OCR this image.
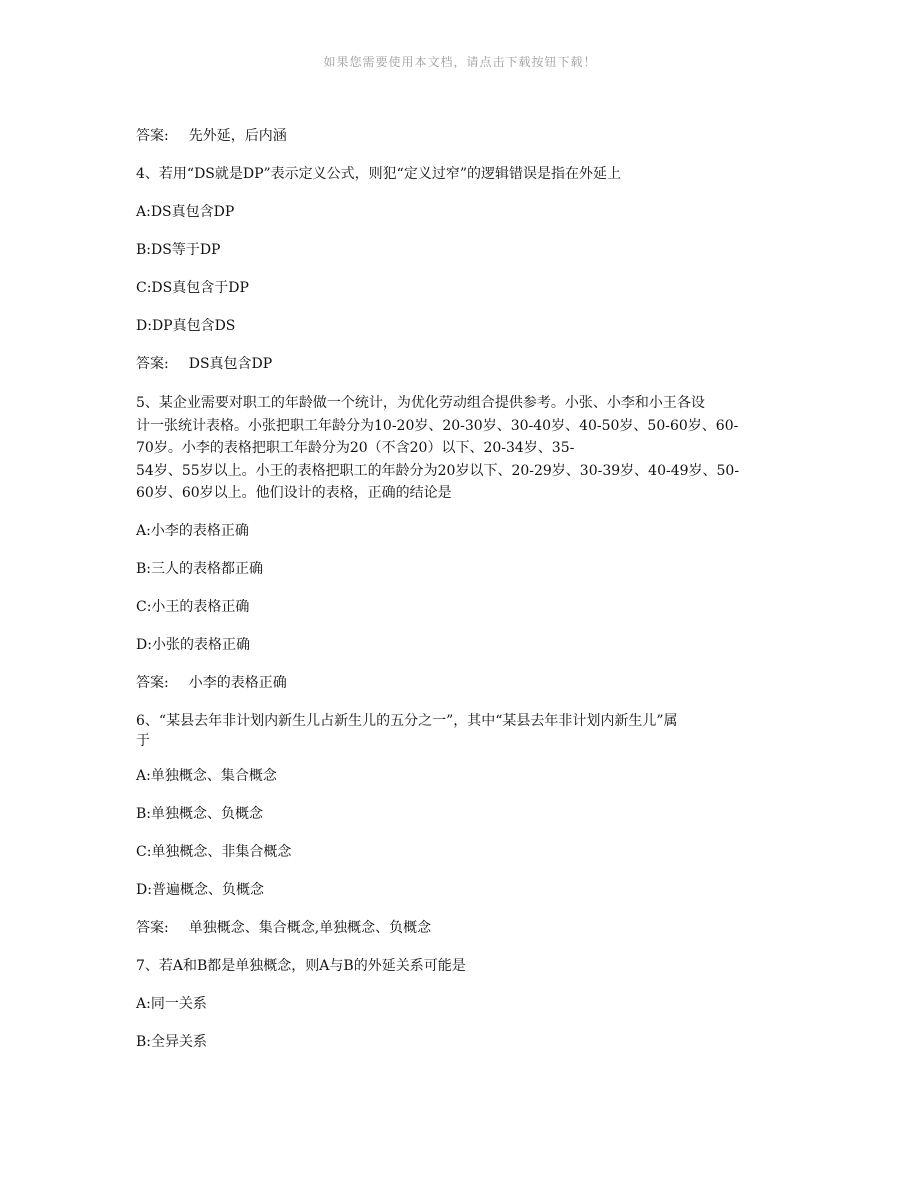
如果您需要使用本文档，请点击下载按钮下载！
答案: 先外延，后内涵
4、若用“DS就是DP”表示定义公式，则犯“定义过窄”的逻辑错误是指在外延上
A:DS真包含DP
B:DS等于DP
C:DS真包含于DP
D:DP真包含DS
答案: DS真包含DP
5、某企业需要对职工的年龄做一个统计，为优化劳动组合提供参考。小张、小李和小王各设
计一张统计表格。小张把职工年龄分为10-20岁、20-30岁、30-40岁、40-50岁、50-60岁、60-
70岁。小李的表格把职工年龄分为20（不含20）以下、20-34岁、35-
54岁、55岁以上。小王的表格把职工的年龄分为20岁以下、20-29岁、30-39岁、40-49岁、50-
60岁、60岁以上。他们设计的表格，正确的结论是
A:小李的表格正确
B:三人的表格都正确
C:小王的表格正确
D:小张的表格正确
答案: 小李的表格正确
6、“某县去年非计划内新生儿占新生儿的五分之一”，其中“某县去年非计划内新生儿”属
于
A:单独概念、集合概念
B:单独概念、负概念
C:单独概念、非集合概念
D:普遍概念、负概念
答案: 单独概念、集合概念,单独概念、负概念
7、若A和B都是单独概念，则A与B的外延关系可能是
A:同一关系
B:全异关系
